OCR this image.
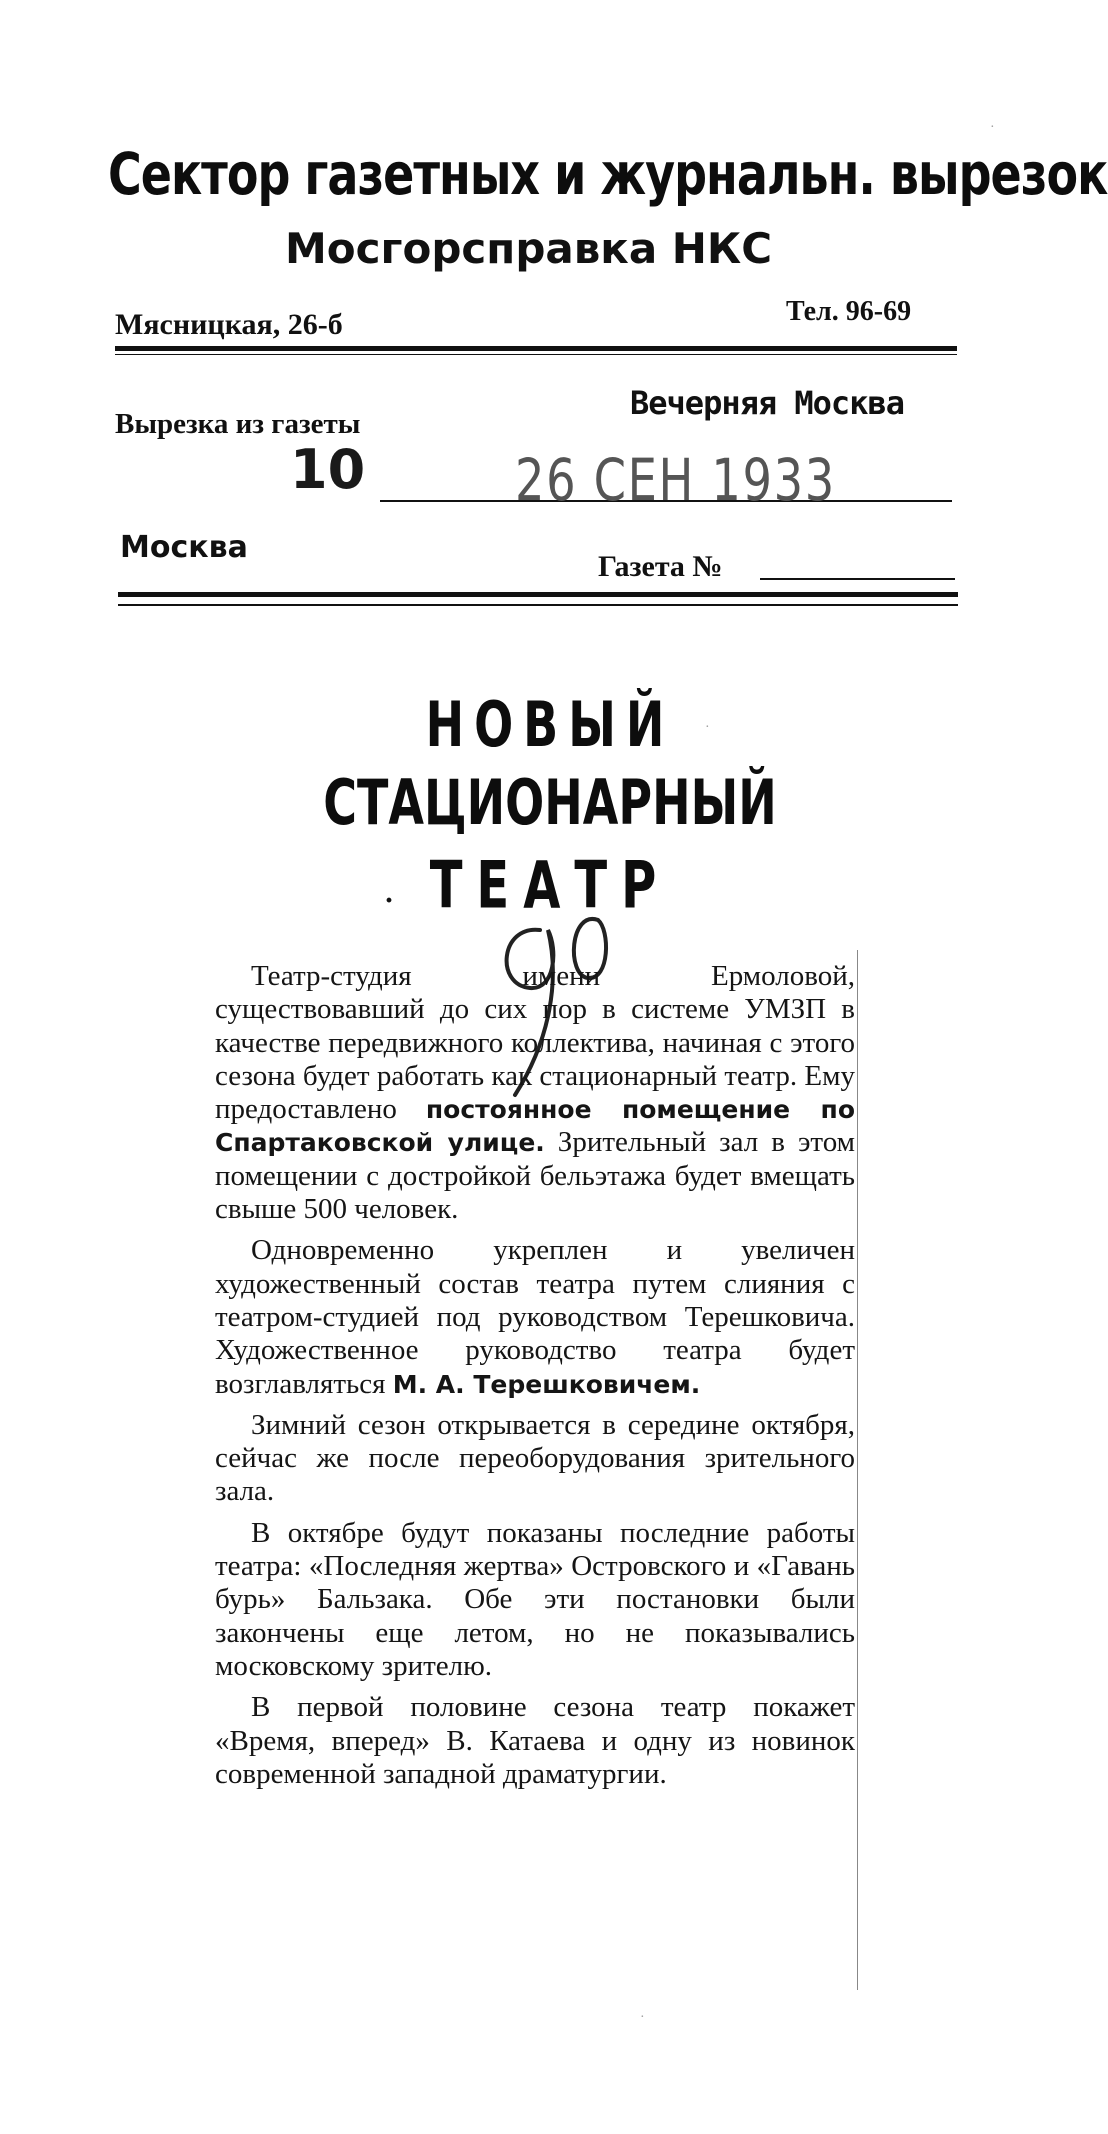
Сектор газетных и журнальн. вырезок
Мосгорсправка НКС
Мясницкая, 26-б	Тел. 96-69
Вырезка из газеты
Вечерняя Москва
10	26 СЕН 1933
Москва
Газета №
НОВЫЙ
СТАЦИОНАРНЫЙ
· ТЕАТР

Театр-студия имени Ермоловой, существовавший до сих пор в системе УМЗП в качестве передвижного коллектива, начиная с этого сезона будет работать как стационарный театр. Ему предоставлено постоянное помещение по Спартаковской улице. Зрительный зал в этом помещении с достройкой бельэтажа будет вмещать свыше 500 человек.

Одновременно укреплен и увеличен художественный состав театра путем слияния с театром-студией под руководством Терешковича. Художественное руководство театра будет возглавляться М. А. Терешковичем.

Зимний сезон открывается в середине октября, сейчас же после переоборудования зрительного зала.

В октябре будут показаны последние работы театра: «Последняя жертва» Островского и «Гавань бурь» Бальзака. Обе эти постановки были закончены еще летом, но не показывались московскому зрителю.

В первой половине сезона театр покажет «Время, вперед» В. Катаева и одну из новинок современной западной драматургии.

·
·
·
